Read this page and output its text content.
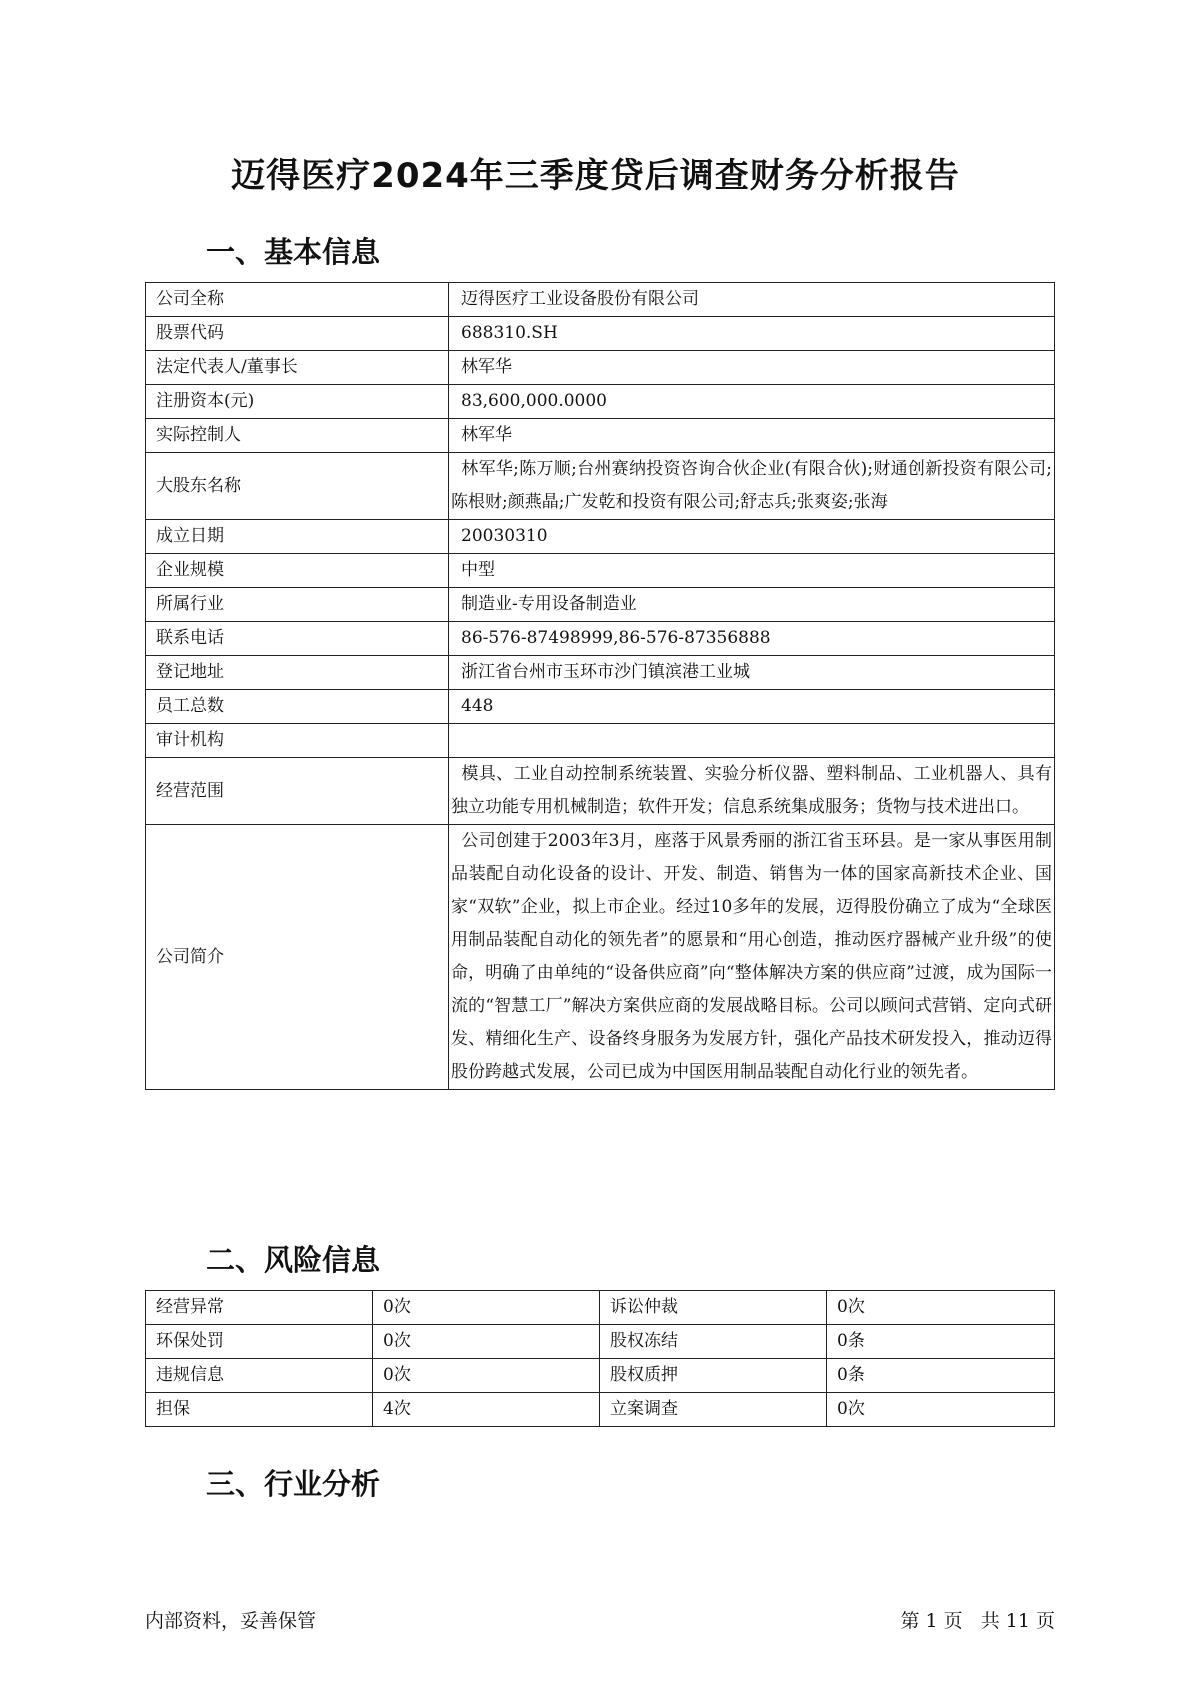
迈得医疗2024年三季度贷后调查财务分析报告
一、基本信息
公司全称	迈得医疗工业设备股份有限公司
股票代码	688310.SH
法定代表人/董事长	林军华
注册资本(元)	83,600,000.0000
实际控制人	林军华
大股东名称	林军华;陈万顺;台州赛纳投资咨询合伙企业(有限合伙);财通创新投资有限公司;陈根财;颜燕晶;广发乾和投资有限公司;舒志兵;张爽姿;张海
成立日期	20030310
企业规模	中型
所属行业	制造业-专用设备制造业
联系电话	86-576-87498999,86-576-87356888
登记地址	浙江省台州市玉环市沙门镇滨港工业城
员工总数	448
审计机构	
经营范围	模具、工业自动控制系统装置、实验分析仪器、塑料制品、工业机器人、具有独立功能专用机械制造；软件开发；信息系统集成服务；货物与技术进出口。
公司简介	公司创建于2003年3月，座落于风景秀丽的浙江省玉环县。是一家从事医用制品装配自动化设备的设计、开发、制造、销售为一体的国家高新技术企业、国家“双软”企业，拟上市企业。经过10多年的发展，迈得股份确立了成为“全球医用制品装配自动化的领先者”的愿景和“用心创造，推动医疗器械产业升级”的使命，明确了由单纯的“设备供应商”向“整体解决方案的供应商”过渡，成为国际一流的“智慧工厂”解决方案供应商的发展战略目标。公司以顾问式营销、定向式研发、精细化生产、设备终身服务为发展方针，强化产品技术研发投入，推动迈得股份跨越式发展，公司已成为中国医用制品装配自动化行业的领先者。
二、风险信息
经营异常	0次	诉讼仲裁	0次
环保处罚	0次	股权冻结	0条
违规信息	0次	股权质押	0条
担保	4次	立案调查	0次
三、行业分析
内部资料，妥善保管	第 1 页   共 11 页
